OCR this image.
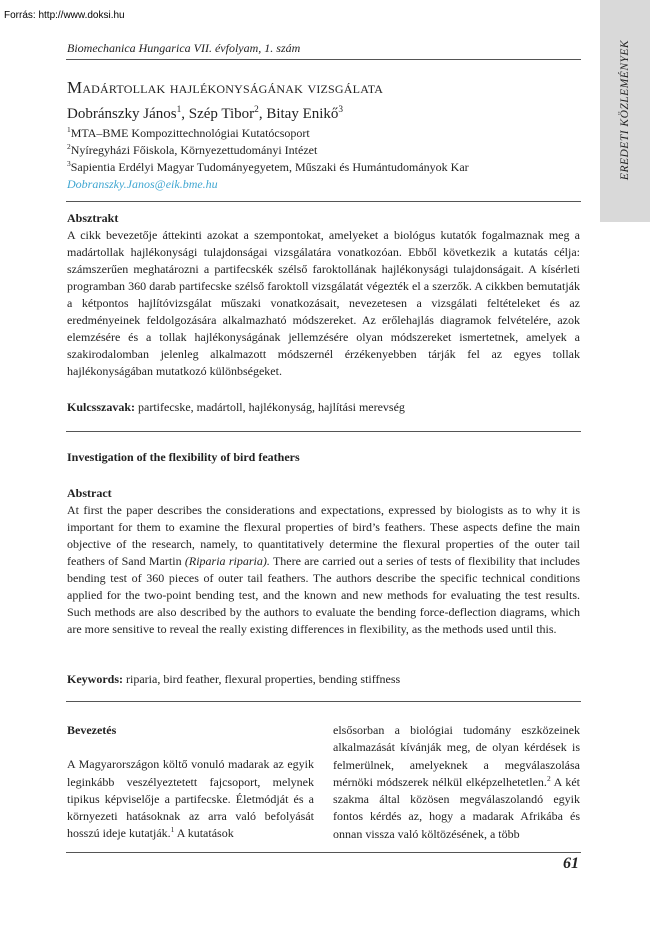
Forrás: http://www.doksi.hu
EREDETI KÖZLEMÉNYEK
Biomechanica Hungarica VII. évfolyam, 1. szám
Madártollak hajlékonyságának vizsgálata
Dobránszky János$^1$, Szép Tibor$^2$, Bitay Enikő$^3$
$^1$MTA–BME Kompozittechnológiai Kutatócsoport
$^2$Nyíregyházi Főiskola, Környezettudományi Intézet
$^3$Sapientia Erdélyi Magyar Tudományegyetem, Műszaki és Humántudományok Kar
Dobranszky.Janos@eik.bme.hu
Absztrakt
A cikk bevezetője áttekinti azokat a szempontokat, amelyeket a biológus kutatók fogalmaznak meg a madártollak hajlékonysági tulajdonságai vizsgálatára vonatkozóan. Ebből következik a kutatás célja: számszerűen meghatározni a partifecskék szélső faroktollának hajlékonysági tulajdonságait. A kísérleti programban 360 darab partifecske szélső faroktoll vizsgálatát végezték el a szerzők. A cikkben bemutatják a kétpontos hajlítóvizsgálat műszaki vonatkozásait, nevezetesen a vizsgálati feltételeket és az eredményeinek feldolgozására alkalmazható módszereket. Az erőlehajlás diagramok felvételére, azok elemzésére és a tollak hajlékonyságának jellemzésére olyan módszereket ismertetnek, amelyek a szakirodalomban jelenleg alkalmazott módszernél érzékenyebben tárják fel az egyes tollak hajlékonyságában mutatkozó különbségeket.
Kulcsszavak: partifecske, madártoll, hajlékonyság, hajlítási merevség
Investigation of the flexibility of bird feathers
Abstract
At first the paper describes the considerations and expectations, expressed by biologists as to why it is important for them to examine the flexural properties of bird’s feathers. These aspects define the main objective of the research, namely, to quantitatively determine the flexural properties of the outer tail feathers of Sand Martin (Riparia riparia). There are carried out a series of tests of flexibility that includes bending test of 360 pieces of outer tail feathers. The authors describe the specific technical conditions applied for the two-point bending test, and the known and new methods for evaluating the test results. Such methods are also described by the authors to evaluate the bending force-deflection diagrams, which are more sensitive to reveal the really existing differences in flexibility, as the methods used until this.
Keywords: riparia, bird feather, flexural properties, bending stiffness
Bevezetés
A Magyarországon költő vonuló madarak az egyik leginkább veszélyeztetett fajcsoport, melynek tipikus képviselője a partifecske. Életmódját és a környezeti hatásoknak az arra való befolyását hosszú ideje kutatják.$^1$ A kutatások
elsősorban a biológiai tudomány eszközeinek alkalmazását kívánják meg, de olyan kérdések is felmerülnek, amelyeknek a megválaszolása mérnöki módszerek nélkül elképzelhetetlen.$^2$ A két szakma által közösen megválaszolandó egyik fontos kérdés az, hogy a madarak Afrikába és onnan vissza való költözésének, a több
61
